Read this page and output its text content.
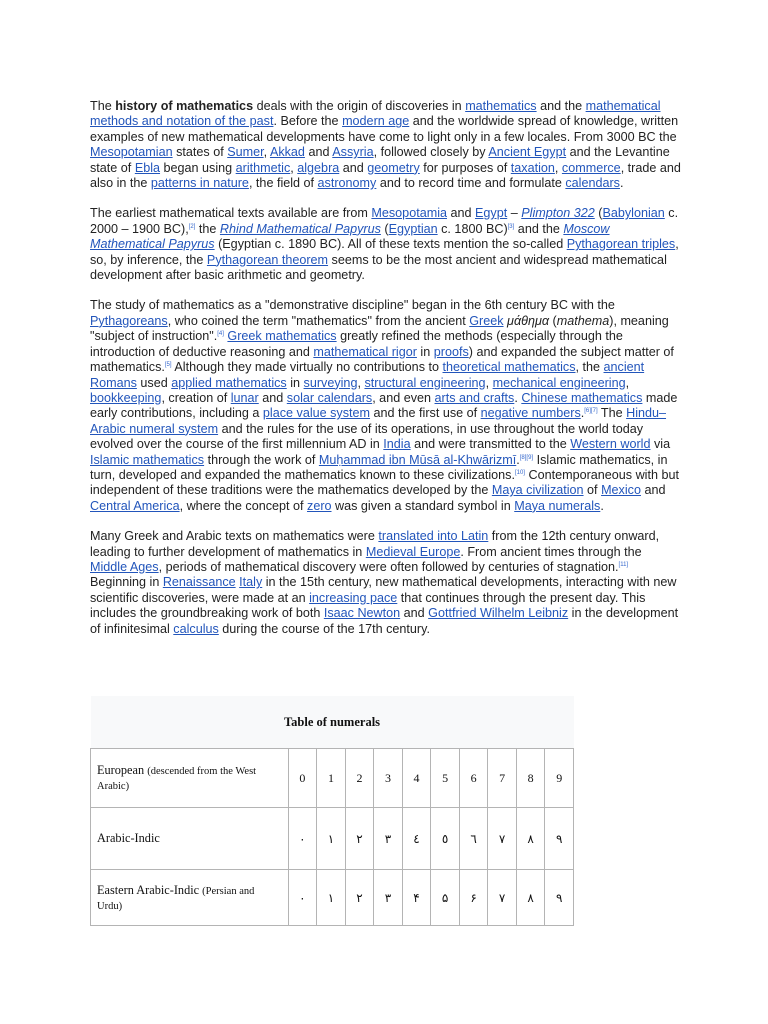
The history of mathematics deals with the origin of discoveries in mathematics and the mathematical methods and notation of the past. Before the modern age and the worldwide spread of knowledge, written examples of new mathematical developments have come to light only in a few locales. From 3000 BC the Mesopotamian states of Sumer, Akkad and Assyria, followed closely by Ancient Egypt and the Levantine state of Ebla began using arithmetic, algebra and geometry for purposes of taxation, commerce, trade and also in the patterns in nature, the field of astronomy and to record time and formulate calendars.

The earliest mathematical texts available are from Mesopotamia and Egypt – Plimpton 322 (Babylonian c. 2000 – 1900 BC),[2] the Rhind Mathematical Papyrus (Egyptian c. 1800 BC)[3] and the Moscow Mathematical Papyrus (Egyptian c. 1890 BC). All of these texts mention the so-called Pythagorean triples, so, by inference, the Pythagorean theorem seems to be the most ancient and widespread mathematical development after basic arithmetic and geometry.

The study of mathematics as a "demonstrative discipline" began in the 6th century BC with the Pythagoreans, who coined the term "mathematics" from the ancient Greek μάθημα (mathema), meaning "subject of instruction".[4] Greek mathematics greatly refined the methods (especially through the introduction of deductive reasoning and mathematical rigor in proofs) and expanded the subject matter of mathematics.[5] Although they made virtually no contributions to theoretical mathematics, the ancient Romans used applied mathematics in surveying, structural engineering, mechanical engineering, bookkeeping, creation of lunar and solar calendars, and even arts and crafts. Chinese mathematics made early contributions, including a place value system and the first use of negative numbers.[6][7] The Hindu–Arabic numeral system and the rules for the use of its operations, in use throughout the world today evolved over the course of the first millennium AD in India and were transmitted to the Western world via Islamic mathematics through the work of Muḥammad ibn Mūsā al-Khwārizmī.[8][9] Islamic mathematics, in turn, developed and expanded the mathematics known to these civilizations.[10] Contemporaneous with but independent of these traditions were the mathematics developed by the Maya civilization of Mexico and Central America, where the concept of zero was given a standard symbol in Maya numerals.

Many Greek and Arabic texts on mathematics were translated into Latin from the 12th century onward, leading to further development of mathematics in Medieval Europe. From ancient times through the Middle Ages, periods of mathematical discovery were often followed by centuries of stagnation.[11] Beginning in Renaissance Italy in the 15th century, new mathematical developments, interacting with new scientific discoveries, were made at an increasing pace that continues through the present day. This includes the groundbreaking work of both Isaac Newton and Gottfried Wilhelm Leibniz in the development of infinitesimal calculus during the course of the 17th century.

Table of numerals										
European (descended from the West Arabic)	0	1	2	3	4	5	6	7	8	9
Arabic-Indic	٠	١	٢	٣	٤	٥	٦	٧	٨	٩
Eastern Arabic-Indic (Persian and Urdu)	۰	۱	۲	۳	۴	۵	۶	۷	۸	۹
